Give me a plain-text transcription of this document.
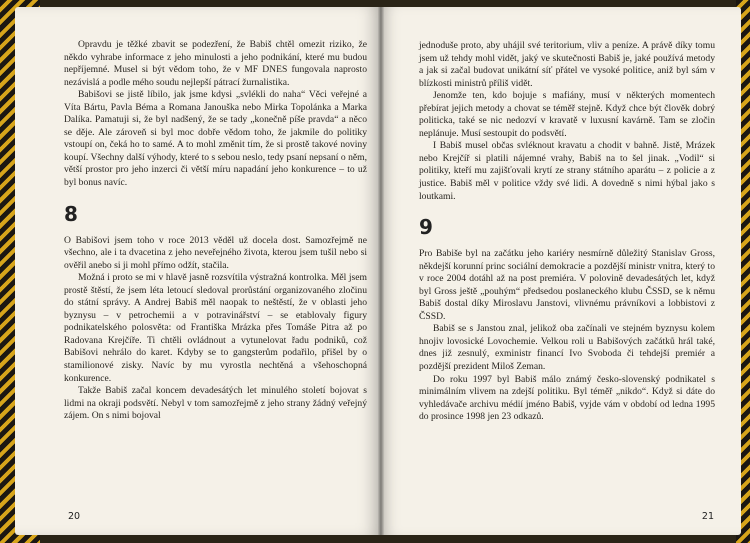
Opravdu je těžké zbavit se podezření, že Babiš chtěl omezit riziko, že někdo vyhrabe informace z jeho minulosti a jeho podnikání, které mu budou nepříjemné. Musel si být vědom toho, že v MF DNES fungovala naprosto nezávislá a podle mého soudu nejlepší pátrací žurnalistika.

Babišovi se jistě líbilo, jak jsme kdysi „svlékli do naha“ Věci veřejné a Víta Bártu, Pavla Béma a Romana Janouška nebo Mirka Topolánka a Marka Dalíka. Pamatuji si, že byl nadšený, že se tady „konečně píše pravda“ a něco se děje. Ale zároveň si byl moc dobře vědom toho, že jakmile do politiky vstoupí on, čeká ho to samé. A to mohl změnit tím, že si prostě takové noviny koupí. Všechny další výhody, které to s sebou neslo, tedy psaní nepsaní o něm, větší prostor pro jeho inzerci či větší míru napadání jeho konkurence – to už byl bonus navíc.

8

O Babišovi jsem toho v roce 2013 věděl už docela dost. Samozřejmě ne všechno, ale i ta dvacetina z jeho neveřejného života, kterou jsem tušil nebo si ověřil anebo si ji mohl přímo odžít, stačila.

Možná i proto se mi v hlavě jasně rozsvítila výstražná kontrolka. Měl jsem prostě štěstí, že jsem léta letoucí sledoval prorůstání organizovaného zločinu do státní správy. A Andrej Babiš měl naopak to neštěstí, že v oblasti jeho byznysu – v petrochemii a v potravinářství – se etablovaly figury podnikatelského polosvěta: od Františka Mrázka přes Tomáše Pitra až po Radovana Krejčíře. Ti chtěli ovládnout a vytunelovat řadu podniků, což Babišovi nehrálo do karet. Kdyby se to gangsterům podařilo, přišel by o stamilionové zisky. Navíc by mu vyrostla nechtěná a všehoschopná konkurence.

Takže Babiš začal koncem devadesátých let minulého století bojovat s lidmi na okraji podsvětí. Nebyl v tom samozřejmě z jeho strany žádný veřejný zájem. On s nimi bojoval

20

jednoduše proto, aby uhájil své teritorium, vliv a peníze. A právě díky tomu jsem už tehdy mohl vidět, jaký ve skutečnosti Babiš je, jaké používá metody a jak si začal budovat unikátní síť přátel ve vysoké politice, aniž byl sám v blízkosti ministrů příliš vidět.

Jenomže ten, kdo bojuje s mafiány, musí v některých momentech přebírat jejich metody a chovat se téměř stejně. Když chce být člověk dobrý politicka, také se nic nedozví v kravatě v luxusní kavárně. Tam se zločin neplánuje. Musí sestoupit do podsvětí.

I Babiš musel občas svléknout kravatu a chodit v bahně. Jistě, Mrázek nebo Krejčíř si platili nájemné vrahy, Babiš na to šel jinak. „Vodil“ si politiky, kteří mu zajišťovali krytí ze strany státního aparátu – z policie a z justice. Babiš měl v politice vždy své lidi. A dovedně s nimi hýbal jako s loutkami.

9

Pro Babiše byl na začátku jeho kariéry nesmírně důležitý Stanislav Gross, někdejší korunní princ sociální demokracie a pozdější ministr vnitra, který to v roce 2004 dotáhl až na post premiéra. V polovině devadesátých let, když byl Gross ještě „pouhým“ předsedou poslaneckého klubu ČSSD, se k němu Babiš dostal díky Miroslavu Janstovi, vlivnému právníkovi a lobbistovi z ČSSD.

Babiš se s Janstou znal, jelikož oba začínali ve stejném byznysu kolem hnojiv lovosické Lovochemie. Velkou roli u Babišových začátků hrál také, dnes již zesnulý, exministr financí Ivo Svoboda či tehdejší premiér a pozdější prezident Miloš Zeman.

Do roku 1997 byl Babiš málo známý česko-slovenský podnikatel s minimálním vlivem na zdejší politiku. Byl téměř „nikdo“. Když si dáte do vyhledávače archivu médií jméno Babiš, vyjde vám v období od ledna 1995 do prosince 1998 jen 23 odkazů.

21
